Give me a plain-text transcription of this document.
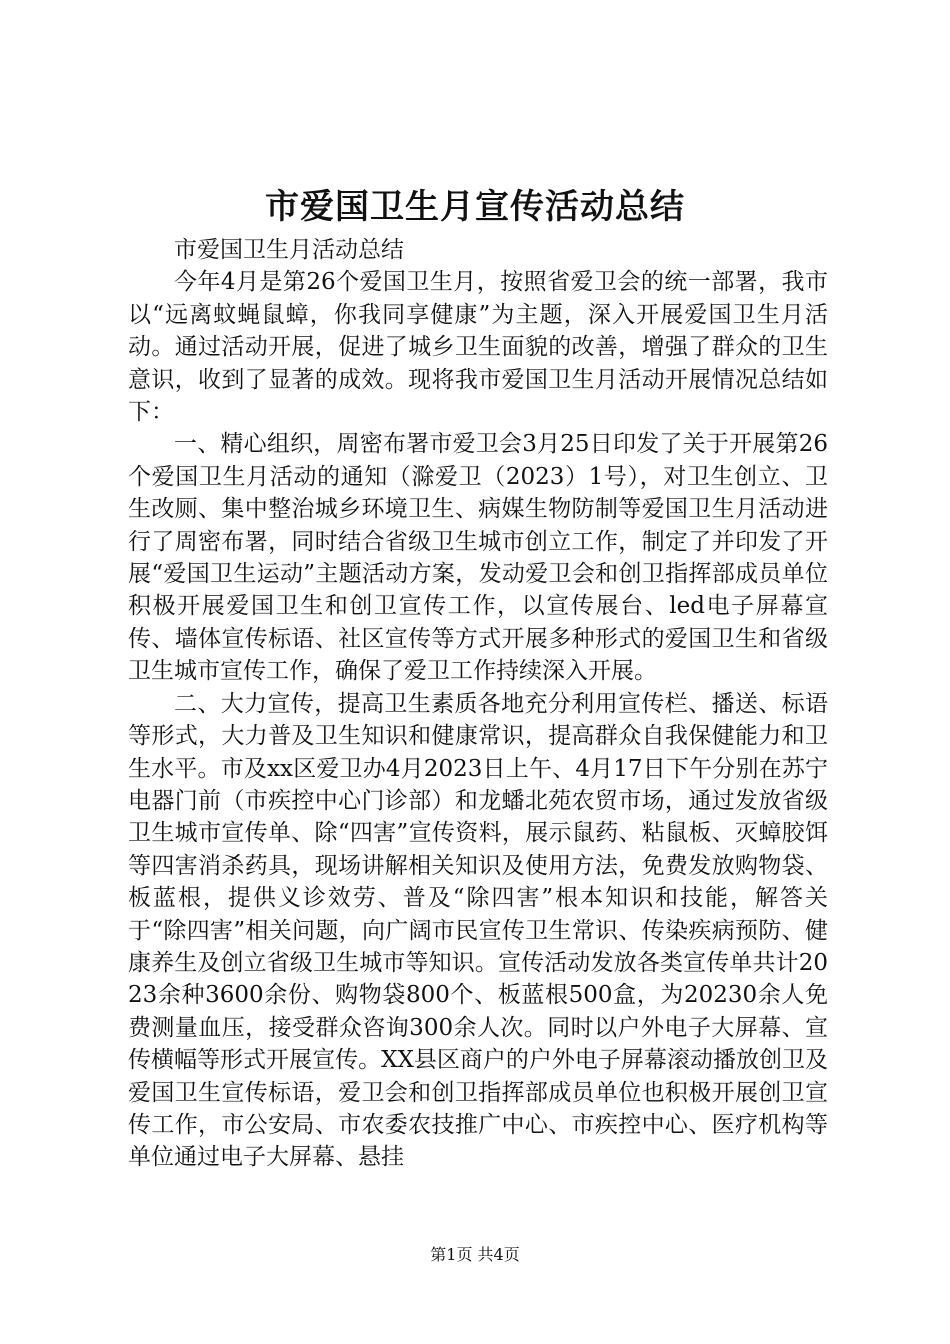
市爱国卫生月宣传活动总结

市爱国卫生月活动总结

今年4月是第26个爱国卫生月，按照省爱卫会的统一部署，我市以“远离蚊蝇鼠蟑，你我同享健康”为主题，深入开展爱国卫生月活动。通过活动开展，促进了城乡卫生面貌的改善，增强了群众的卫生意识，收到了显著的成效。现将我市爱国卫生月活动开展情况总结如下：

一、精心组织，周密布署市爱卫会3月25日印发了关于开展第26个爱国卫生月活动的通知（滁爱卫（2023）1号），对卫生创立、卫生改厕、集中整治城乡环境卫生、病媒生物防制等爱国卫生月活动进行了周密布署，同时结合省级卫生城市创立工作，制定了并印发了开展“爱国卫生运动”主题活动方案，发动爱卫会和创卫指挥部成员单位积极开展爱国卫生和创卫宣传工作，以宣传展台、led电子屏幕宣传、墙体宣传标语、社区宣传等方式开展多种形式的爱国卫生和省级卫生城市宣传工作，确保了爱卫工作持续深入开展。

二、大力宣传，提高卫生素质各地充分利用宣传栏、播送、标语等形式，大力普及卫生知识和健康常识，提高群众自我保健能力和卫生水平。市及xx区爱卫办4月2023日上午、4月17日下午分别在苏宁电器门前（市疾控中心门诊部）和龙蟠北苑农贸市场，通过发放省级卫生城市宣传单、除“四害”宣传资料，展示鼠药、粘鼠板、灭蟑胶饵等四害消杀药具，现场讲解相关知识及使用方法，免费发放购物袋、板蓝根，提供义诊效劳、普及“除四害”根本知识和技能，解答关于“除四害”相关问题，向广阔市民宣传卫生常识、传染疾病预防、健康养生及创立省级卫生城市等知识。宣传活动发放各类宣传单共计2023余种3600余份、购物袋800个、板蓝根500盒，为20230余人免费测量血压，接受群众咨询300余人次。同时以户外电子大屏幕、宣传横幅等形式开展宣传。XX县区商户的户外电子屏幕滚动播放创卫及爱国卫生宣传标语，爱卫会和创卫指挥部成员单位也积极开展创卫宣传工作，市公安局、市农委农技推广中心、市疾控中心、医疗机构等单位通过电子大屏幕、悬挂

第1页 共4页
